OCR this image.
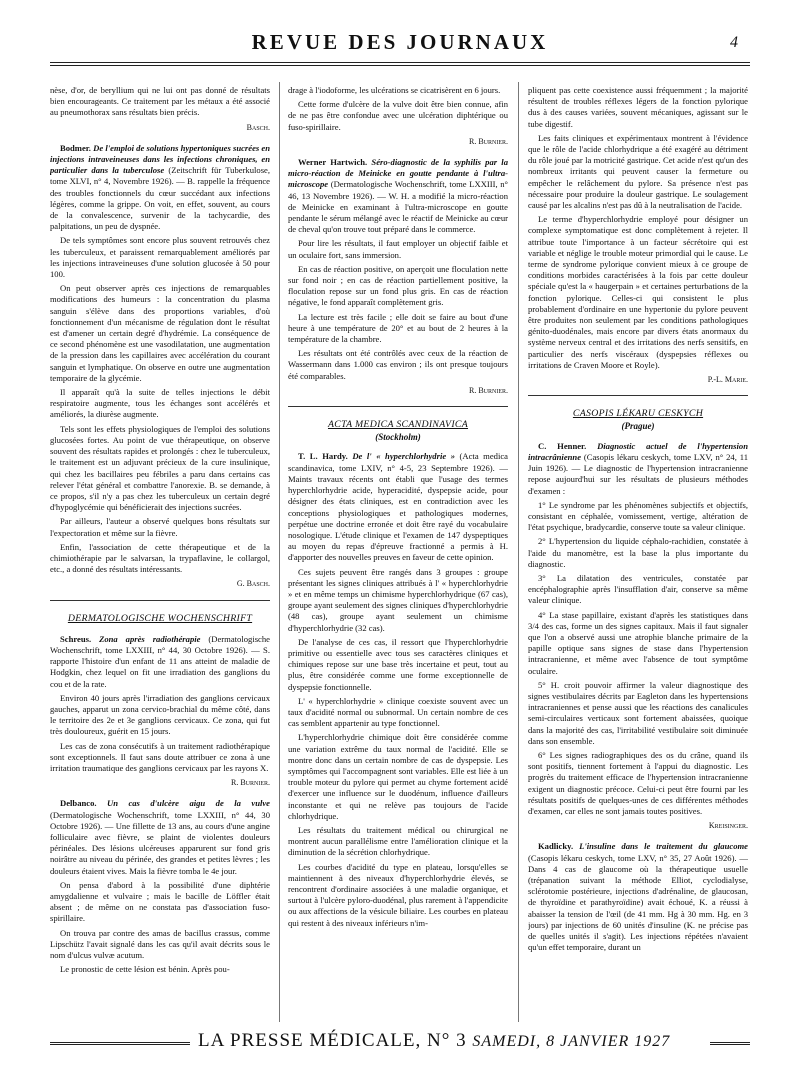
REVUE DES JOURNAUX	4

nèse, d'or, de beryllium qui ne lui ont pas donné de résultats bien encourageants. Ce traitement par les métaux a été associé au pneumothorax sans résultats bien précis.

Basch.

Bodmer. De l'emploi de solutions hypertoniques sucrées en injections intraveineuses dans les infections chroniques, en particulier dans la tuberculose (Zeitschrift für Tuberkulose, tome XLVI, n° 4, Novembre 1926). — B. rappelle la fréquence des troubles fonctionnels du cœur succédant aux infections légères, comme la grippe. On voit, en effet, souvent, au cours de la convalescence, survenir de la tachycardie, des palpitations, un peu de dyspnée.

De tels symptômes sont encore plus souvent retrouvés chez les tuberculeux, et paraissent remarquablement améliorés par les injections intraveineuses d'une solution glucosée à 50 pour 100.

On peut observer après ces injections de remarquables modifications des humeurs : la concentration du plasma sanguin s'élève dans des proportions variables, d'où fonctionnement d'un mécanisme de régulation dont le résultat est d'amener un certain degré d'hydrémie. La conséquence de ce second phénomène est une vasodilatation, une augmentation de la pression dans les capillaires avec accélération du courant sanguin et lymphatique. On observe en outre une augmentation temporaire de la glycémie.

Il apparaît qu'à la suite de telles injections le débit respiratoire augmente, tous les échanges sont accélérés et améliorés, la diurèse augmente.

Tels sont les effets physiologiques de l'emploi des solutions glucosées fortes. Au point de vue thérapeutique, on observe souvent des résultats rapides et prolongés : chez le tuberculeux, le traitement est un adjuvant précieux de la cure insulinique, qui chez les bacillaires peu fébriles a paru dans certains cas relever l'état général et combattre l'anorexie. B. se demande, à ce propos, s'il n'y a pas chez les tuberculeux un certain degré d'hypoglycémie qui bénéficierait des injections sucrées.

Par ailleurs, l'auteur a observé quelques bons résultats sur l'expectoration et même sur la fièvre.

Enfin, l'association de cette thérapeutique et de la chimiothérapie par le salvarsan, la trypaflavine, le collargol, etc., a donné des résultats intéressants.

G. Basch.

DERMATOLOGISCHE WOCHENSCHRIFT

Schreus. Zona après radiothérapie (Dermatologische Wochenschrift, tome LXXIII, n° 44, 30 Octobre 1926). — S. rapporte l'histoire d'un enfant de 11 ans atteint de maladie de Hodgkin, chez lequel on fit une irradiation des ganglions du cou et de la rate.

Environ 40 jours après l'irradiation des ganglions cervicaux gauches, apparut un zona cervico-brachial du même côté, dans le territoire des 2e et 3e ganglions cervicaux. Ce zona, qui fut très douloureux, guérit en 15 jours.

Les cas de zona consécutifs à un traitement radiothérapique sont exceptionnels. Il faut sans doute attribuer ce zona à une irritation traumatique des ganglions cervicaux par les rayons X.

R. Burnier.

Delbanco. Un cas d'ulcère aigu de la vulve (Dermatologische Wochenschrift, tome LXXIII, n° 44, 30 Octobre 1926). — Une fillette de 13 ans, au cours d'une angine folliculaire avec fièvre, se plaint de violentes douleurs périnéales. Des lésions ulcéreuses apparurent sur fond gris noirâtre au niveau du périnée, des grandes et petites lèvres ; les douleurs étaient vives. Mais la fièvre tomba le 4e jour.

On pensa d'abord à la possibilité d'une diphtérie amygdalienne et vulvaire ; mais le bacille de Löffler était absent ; de même on ne constata pas d'association fuso-spirillaire.

On trouva par contre des amas de bacillus crassus, comme Lipschütz l'avait signalé dans les cas qu'il avait décrits sous le nom d'ulcus vulvæ acutum.

Le pronostic de cette lésion est bénin. Après pou-

drage à l'iodoforme, les ulcérations se cicatrisèrent en 6 jours.

Cette forme d'ulcère de la vulve doit être bien connue, afin de ne pas être confondue avec une ulcération diphtérique ou fuso-spirillaire.

R. Burnier.

Werner Hartwich. Séro-diagnostic de la syphilis par la micro-réaction de Meinicke en goutte pendante à l'ultra-microscope (Dermatologische Wochenschrift, tome LXXIII, n° 46, 13 Novembre 1926). — W. H. a modifié la micro-réaction de Meinicke en examinant à l'ultra-microscope en goutte pendante le sérum mélangé avec le réactif de Meinicke au cœur de cheval qu'on trouve tout préparé dans le commerce.

Pour lire les résultats, il faut employer un objectif faible et un oculaire fort, sans immersion.

En cas de réaction positive, on aperçoit une floculation nette sur fond noir ; en cas de réaction partiellement positive, la floculation repose sur un fond plus gris. En cas de réaction négative, le fond apparaît complètement gris.

La lecture est très facile ; elle doit se faire au bout d'une heure à une température de 20° et au bout de 2 heures à la température de la chambre.

Les résultats ont été contrôlés avec ceux de la réaction de Wassermann dans 1.000 cas environ ; ils ont presque toujours été comparables.

R. Burnier.

ACTA MEDICA SCANDINAVICA
(Stockholm)

T. L. Hardy. De l' « hyperchlorhydrie » (Acta medica scandinavica, tome LXIV, n° 4-5, 23 Septembre 1926). — Maints travaux récents ont établi que l'usage des termes hyperchlorhydrie acide, hyperacidité, dyspepsie acide, pour désigner des états cliniques, est en contradiction avec les conceptions physiologiques et pathologiques modernes, perpétue une doctrine erronée et doit être rayé du vocabulaire nosologique. L'étude clinique et l'examen de 147 dyspeptiques au moyen du repas d'épreuve fractionné a permis à H. d'apporter des nouvelles preuves en faveur de cette opinion.

Ces sujets peuvent être rangés dans 3 groupes : groupe présentant les signes cliniques attribués à l' « hyperchlorhydrie » et en même temps un chimisme hyperchlorhydrique (67 cas), groupe ayant seulement des signes cliniques d'hyperchlorhydrie (48 cas), groupe ayant seulement un chimisme d'hyperchlorhydrie (32 cas).

De l'analyse de ces cas, il ressort que l'hyperchlorhydrie primitive ou essentielle avec tous ses caractères cliniques et chimiques repose sur une base très incertaine et peut, tout au plus, être considérée comme une forme exceptionnelle de dyspepsie fonctionnelle.

L' « hyperchlorhydrie » clinique coexiste souvent avec un taux d'acidité normal ou subnormal. Un certain nombre de ces cas semblent appartenir au type fonctionnel.

L'hyperchlorhydrie chimique doit être considérée comme une variation extrême du taux normal de l'acidité. Elle se montre donc dans un certain nombre de cas de dyspepsie. Les symptômes qui l'accompagnent sont variables. Elle est liée à un trouble moteur du pylore qui permet au chyme fortement acidé d'exercer une influence sur le duodénum, influence d'ailleurs inconstante et qui ne relève pas toujours de l'acide chlorhydrique.

Les résultats du traitement médical ou chirurgical ne montrent aucun parallélisme entre l'amélioration clinique et la diminution de la sécrétion chlorhydrique.

Les courbes d'acidité du type en plateau, lorsqu'elles se maintiennent à des niveaux d'hyperchlorhydrie élevés, se rencontrent d'ordinaire associées à une maladie organique, et surtout à l'ulcère pyloro-duodénal, plus rarement à l'appendicite ou aux affections de la vésicule biliaire. Les courbes en plateau qui restent à des niveaux inférieurs n'im-

pliquent pas cette coexistence aussi fréquemment ; la majorité résultent de troubles réflexes légers de la fonction pylorique dus à des causes variées, souvent mécaniques, agissant sur le tube digestif.

Les faits cliniques et expérimentaux montrent à l'évidence que le rôle de l'acide chlorhydrique a été exagéré au détriment du rôle joué par la motricité gastrique. Cet acide n'est qu'un des nombreux irritants qui peuvent causer la fermeture ou empêcher le relâchement du pylore. Sa présence n'est pas nécessaire pour produire la douleur gastrique. Le soulagement causé par les alcalins n'est pas dû à la neutralisation de l'acide.

Le terme d'hyperchlorhydrie employé pour désigner un complexe symptomatique est donc complètement à rejeter. Il attribue toute l'importance à un facteur sécrétoire qui est variable et néglige le trouble moteur primordial qui le cause. Le terme de syndrome pylorique convient mieux à ce groupe de conditions morbides caractérisées à la fois par cette douleur spéciale qu'est la « haugerpain » et certaines perturbations de la fonction pylorique. Celles-ci qui consistent le plus probablement d'ordinaire en une hypertonie du pylore peuvent être produites non seulement par les conditions pathologiques génito-duodénales, mais encore par divers états anormaux du système nerveux central et des irritations des nerfs sensitifs, en particulier des nerfs viscéraux (dyspepsies réflexes ou irritations de Craven Moore et Royle).

P.-L. Marie.

CASOPIS LÉKARU CESKYCH
(Prague)

C. Henner. Diagnostic actuel de l'hypertension intracrânienne (Casopis lékaru ceskych, tome LXV, n° 24, 11 Juin 1926). — Le diagnostic de l'hypertension intracranienne repose aujourd'hui sur les résultats de plusieurs méthodes d'examen :

1° Le syndrome par les phénomènes subjectifs et objectifs, consistant en céphalée, vomissement, vertige, altération de l'état psychique, bradycardie, conserve toute sa valeur clinique.

2° L'hypertension du liquide céphalo-rachidien, constatée à l'aide du manomètre, est la base la plus importante du diagnostic.

3° La dilatation des ventricules, constatée par encéphalographie après l'insufflation d'air, conserve sa même valeur clinique.

4° La stase papillaire, existant d'après les statistiques dans 3/4 des cas, forme un des signes capitaux. Mais il faut signaler que l'on a observé aussi une atrophie blanche primaire de la papille optique sans signes de stase dans l'hypertension intracranienne, et même avec l'absence de tout symptôme oculaire.

5° H. croit pouvoir affirmer la valeur diagnostique des signes vestibulaires décrits par Eagleton dans les hypertensions intracraniennes et pense aussi que les réactions des canalicules semi-circulaires verticaux sont fortement abaissées, quoique dans la majorité des cas, l'irritabilité vestibulaire soit diminuée dans son ensemble.

6° Les signes radiographiques des os du crâne, quand ils sont positifs, tiennent fortement à l'appui du diagnostic. Les progrès du traitement efficace de l'hypertension intracranienne exigent un diagnostic précoce. Celui-ci peut être fourni par les résultats positifs de quelques-unes de ces différentes méthodes d'examen, car elles ne sont jamais toutes positives.

Kreisinger.

Kadlicky. L'insuline dans le traitement du glaucome (Casopis lékaru ceskych, tome LXV, n° 35, 27 Août 1926). — Dans 4 cas de glaucome où la thérapeutique usuelle (trépanation suivant la méthode Elliot, cyclodialyse, sclérotomie postérieure, injections d'adrénaline, de glaucosan, de thyroïdine et parathyroïdine) avait échoué, K. a réussi à abaisser la tension de l'œil (de 41 mm. Hg à 30 mm. Hg. en 3 jours) par injections de 60 unités d'insuline (K. ne précise pas de quelles unités il s'agit). Les injections répétées n'avaient qu'un effet temporaire, durant un

LA PRESSE MÉDICALE, N° 3 SAMEDI, 8 JANVIER 1927
